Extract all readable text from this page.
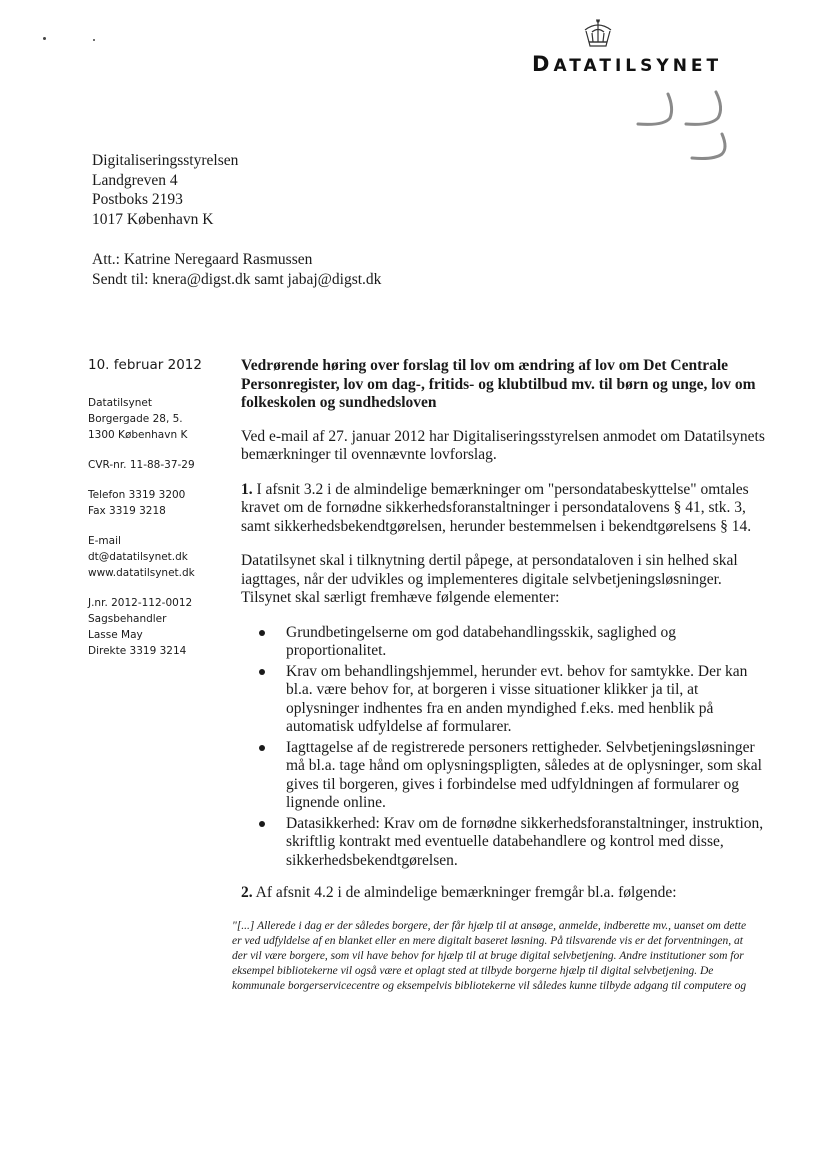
DATATILSYNET
Digitaliseringsstyrelsen
Landgreven 4
Postboks 2193
1017 København K
Att.: Katrine Neregaard Rasmussen
Sendt til: knera@digst.dk samt jabaj@digst.dk
10. februar 2012
Datatilsynet
Borgergade 28, 5.
1300 København K
CVR-nr. 11-88-37-29
Telefon 3319 3200
Fax 3319 3218
E-mail
dt@datatilsynet.dk
www.datatilsynet.dk
J.nr. 2012-112-0012
Sagsbehandler
Lasse May
Direkte 3319 3214
Vedrørende høring over forslag til lov om ændring af lov om Det Centrale Personregister, lov om dag-, fritids- og klubtilbud mv. til børn og unge, lov om folkeskolen og sundhedsloven

Ved e-mail af 27. januar 2012 har Digitaliseringsstyrelsen anmodet om Datatilsynets bemærkninger til ovennævnte lovforslag.

1. I afsnit 3.2 i de almindelige bemærkninger om "persondatabeskyttelse" omtales kravet om de fornødne sikkerhedsforanstaltninger i persondatalovens § 41, stk. 3, samt sikkerhedsbekendtgørelsen, herunder bestemmelsen i bekendtgørelsens § 14.

Datatilsynet skal i tilknytning dertil påpege, at persondataloven i sin helhed skal iagttages, når der udvikles og implementeres digitale selvbetjeningsløsninger. Tilsynet skal særligt fremhæve følgende elementer:

Grundbetingelserne om god databehandlingsskik, saglighed og proportionalitet.
Krav om behandlingshjemmel, herunder evt. behov for samtykke. Der kan bl.a. være behov for, at borgeren i visse situationer klikker ja til, at oplysninger indhentes fra en anden myndighed f.eks. med henblik på automatisk udfyldelse af formularer.
Iagttagelse af de registrerede personers rettigheder. Selvbetjeningsløsninger må bl.a. tage hånd om oplysningspligten, således at de oplysninger, som skal gives til borgeren, gives i forbindelse med udfyldningen af formularer og lignende online.
Datasikkerhed: Krav om de fornødne sikkerhedsforanstaltninger, instruktion, skriftlig kontrakt med eventuelle databehandlere og kontrol med disse, sikkerhedsbekendtgørelsen.

2. Af afsnit 4.2 i de almindelige bemærkninger fremgår bl.a. følgende:

"[...] Allerede i dag er der således borgere, der får hjælp til at ansøge, anmelde, indberette mv., uanset om dette er ved udfyldelse af en blanket eller en mere digitalt baseret løsning. På tilsvarende vis er det forventningen, at der vil være borgere, som vil have behov for hjælp til at bruge digital selvbetjening. Andre institutioner som for eksempel bibliotekerne vil også være et oplagt sted at tilbyde borgerne hjælp til digital selvbetjening. De kommunale borgerservicecentre og eksempelvis bibliotekerne vil således kunne tilbyde adgang til computere og
